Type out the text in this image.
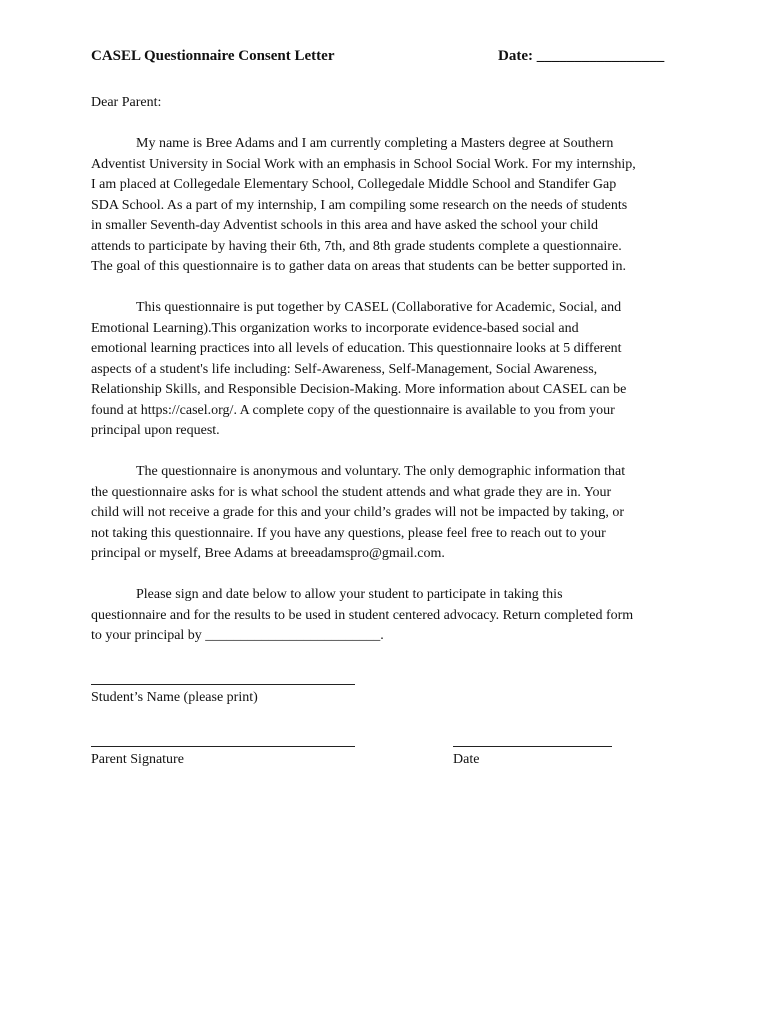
CASEL Questionnaire Consent Letter	Date: _________________
Dear Parent:
My name is Bree Adams and I am currently completing a Masters degree at Southern
Adventist University in Social Work with an emphasis in School Social Work. For my internship,
I am placed at Collegedale Elementary School, Collegedale Middle School and Standifer Gap
SDA School. As a part of my internship, I am compiling some research on the needs of students
in smaller Seventh-day Adventist schools in this area and have asked the school your child
attends to participate by having their 6th, 7th, and 8th grade students complete a questionnaire.
The goal of this questionnaire is to gather data on areas that students can be better supported in.
This questionnaire is put together by CASEL (Collaborative for Academic, Social, and
Emotional Learning).This organization works to incorporate evidence-based social and
emotional learning practices into all levels of education. This questionnaire looks at 5 different
aspects of a student's life including: Self-Awareness, Self-Management, Social Awareness,
Relationship Skills, and Responsible Decision-Making. More information about CASEL can be
found at https://casel.org/. A complete copy of the questionnaire is available to you from your
principal upon request.
The questionnaire is anonymous and voluntary. The only demographic information that
the questionnaire asks for is what school the student attends and what grade they are in. Your
child will not receive a grade for this and your child’s grades will not be impacted by taking, or
not taking this questionnaire. If you have any questions, please feel free to reach out to your
principal or myself, Bree Adams at breeadamspro@gmail.com.
Please sign and date below to allow your student to participate in taking this
questionnaire and for the results to be used in student centered advocacy. Return completed form
to your principal by _________________________.
Student’s Name (please print)
Parent Signature	Date
